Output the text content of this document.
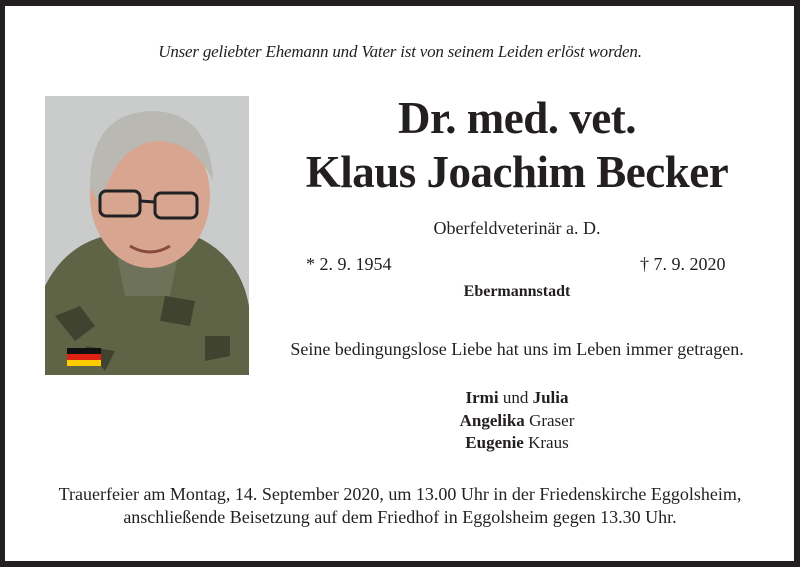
Unser geliebter Ehemann und Vater ist von seinem Leiden erlöst worden.
Dr. med. vet.
Klaus Joachim Becker
Oberfeldveterinär a. D.
* 2. 9. 1954	† 7. 9. 2020
Ebermannstadt
Seine bedingungslose Liebe hat uns im Leben immer getragen.
Irmi und Julia
Angelika Graser
Eugenie Kraus
Trauerfeier am Montag, 14. September 2020, um 13.00 Uhr in der Friedenskirche Eggolsheim,
anschließende Beisetzung auf dem Friedhof in Eggolsheim gegen 13.30 Uhr.
